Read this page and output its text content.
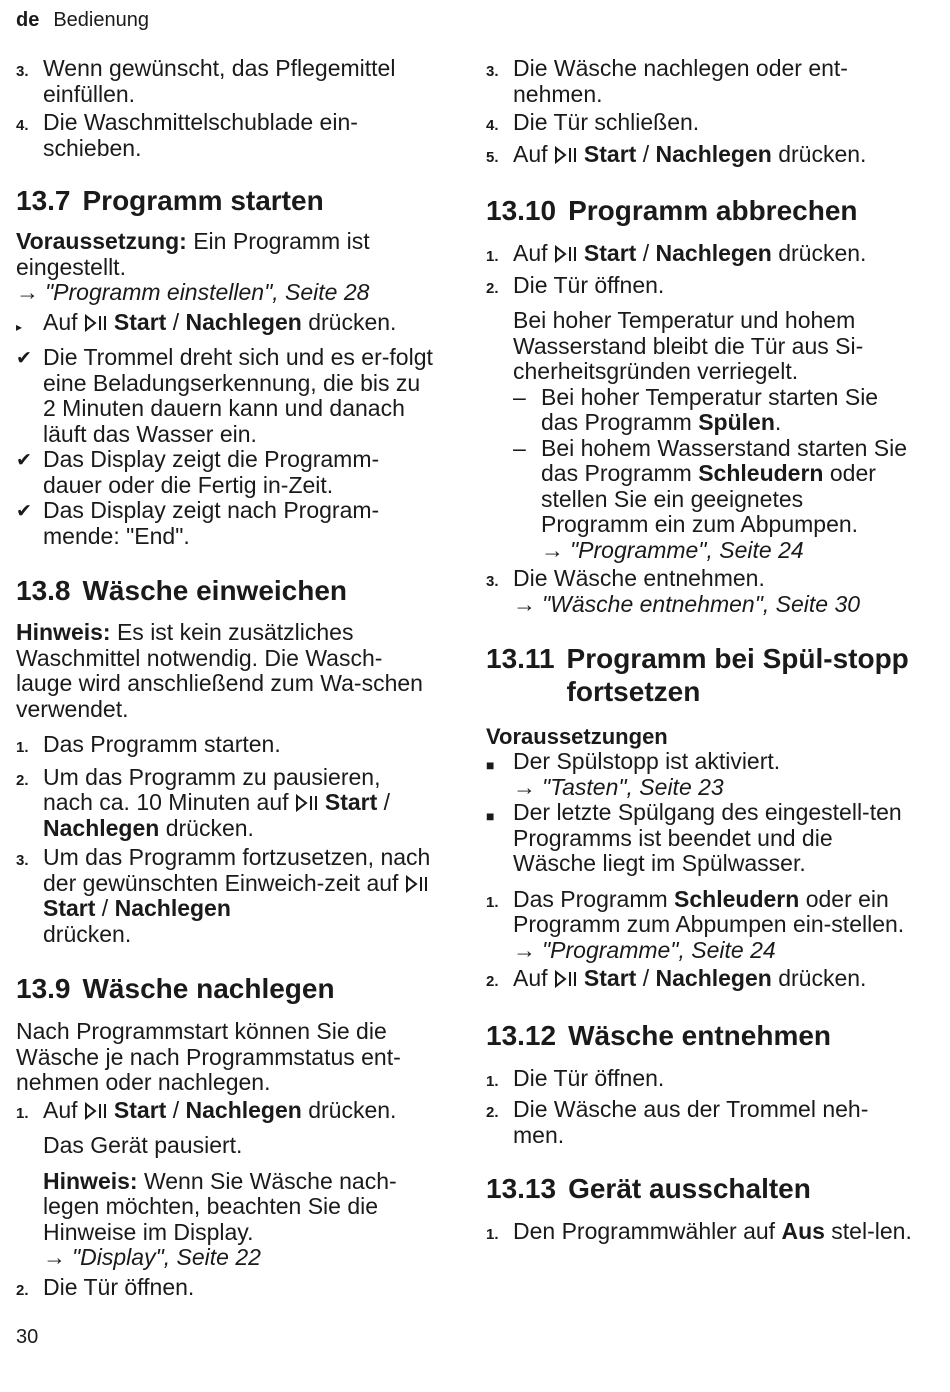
de Bedienung
3. Wenn gewünscht, das Pflegemittel einfüllen.
4. Die Waschmittelschublade ein-schieben.
13.7 Programm starten

Voraussetzung: Ein Programm ist eingestellt.

→ "Programm einstellen", Seite 28

▸ Auf
Start / Nachlegen drücken.
✔ Die Trommel dreht sich und es er-folgt eine Beladungserkennung, die bis zu 2 Minuten dauern kann und danach läuft das Wasser ein.
✔ Das Display zeigt die Programm-dauer oder die Fertig in-Zeit.
✔ Das Display zeigt nach Program-mende: "End".
13.8 Wäsche einweichen

Hinweis: Es ist kein zusätzliches Waschmittel notwendig. Die Wasch-lauge wird anschließend zum Wa-schen verwendet.

1. Das Programm starten.
2. Um das Programm zu pausieren, nach ca. 10 Minuten auf
Start / Nachlegen drücken.
3. Um das Programm fortzusetzen, nach der gewünschten Einweich-zeit auf
Start / Nachlegen
drücken.
13.9 Wäsche nachlegen

Nach Programmstart können Sie die Wäsche je nach Programmstatus ent-nehmen oder nachlegen.

1. Auf
Start / Nachlegen drücken.

Das Gerät pausiert.

Hinweis: Wenn Sie Wäsche nach-legen möchten, beachten Sie die Hinweise im Display.

→ "Display", Seite 22

2. Die Tür öffnen.
3. Die Wäsche nachlegen oder ent-nehmen.
4. Die Tür schließen.
5. Auf
Start / Nachlegen drücken.
13.10 Programm abbrechen
1. Auf
Start / Nachlegen drücken.
2. Die Tür öffnen.

Bei hoher Temperatur und hohem Wasserstand bleibt die Tür aus Si-cherheitsgründen verriegelt.

– Bei hoher Temperatur starten Sie das Programm Spülen.
– Bei hohem Wasserstand starten Sie das Programm Schleudern oder stellen Sie ein geeignetes Programm ein zum Abpumpen.
→ "Programme", Seite 24
3. Die Wäsche entnehmen.
→ "Wäsche entnehmen", Seite 30
13.11 Programm bei Spül-stopp fortsetzen

Voraussetzungen

■ Der Spülstopp ist aktiviert.
→ "Tasten", Seite 23
■ Der letzte Spülgang des eingestell-ten Programms ist beendet und die Wäsche liegt im Spülwasser.
1. Das Programm Schleudern oder ein Programm zum Abpumpen ein-stellen.
→ "Programme", Seite 24
2. Auf
Start / Nachlegen drücken.
13.12 Wäsche entnehmen
1. Die Tür öffnen.
2. Die Wäsche aus der Trommel neh-men.
13.13 Gerät ausschalten
1. Den Programmwähler auf Aus stel-len.
30
